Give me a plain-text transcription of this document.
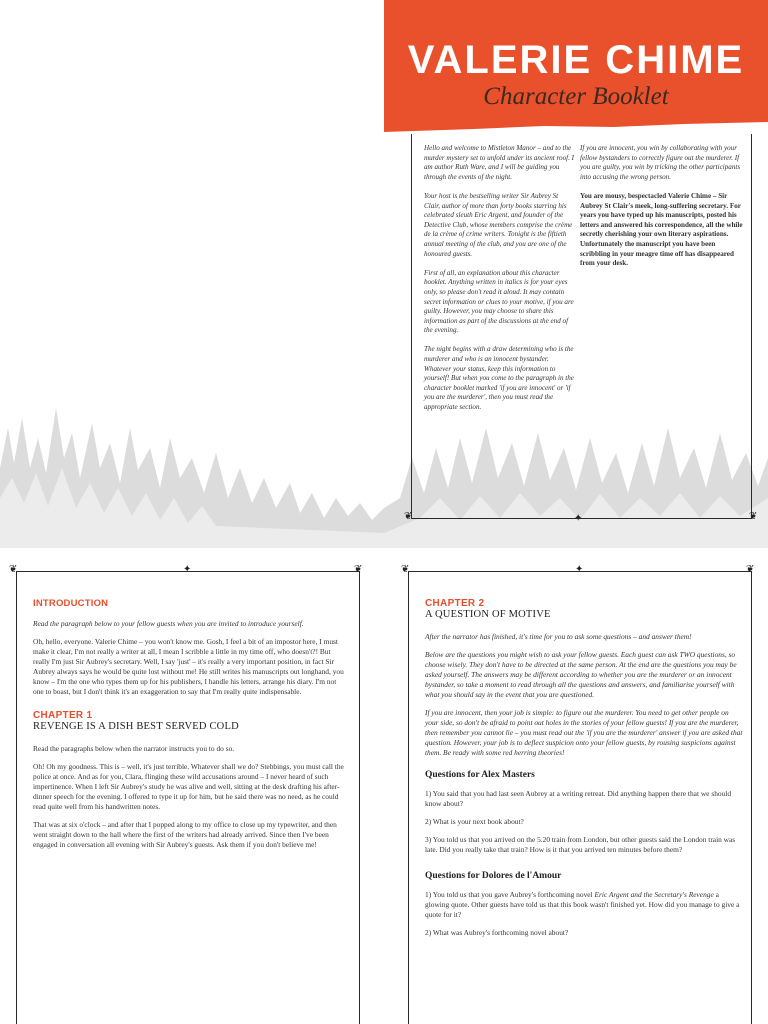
VALERIE CHIME
Character Booklet
❦	❦
✦

Hello and welcome to Mistleton Manor – and to the murder mystery set to unfold under its ancient roof. I am author Ruth Ware, and I will be guiding you through the events of the night.

Your host is the bestselling writer Sir Aubrey St Clair, author of more than forty books starring his celebrated sleuth Eric Argent, and founder of the Detective Club, whose members comprise the crème de la crème of crime writers. Tonight is the fiftieth annual meeting of the club, and you are one of the honoured guests.

First of all, an explanation about this character booklet. Anything written in italics is for your eyes only, so please don't read it aloud. It may contain secret information or clues to your motive, if you are guilty. However, you may choose to share this information as part of the discussions at the end of the evening.

The night begins with a draw determining who is the murderer and who is an innocent bystander. Whatever your status, keep this information to yourself! But when you come to the paragraph in the character booklet marked 'if you are innocent' or 'if you are the murderer', then you must read the appropriate section.

If you are innocent, you win by collaborating with your fellow bystanders to correctly figure out the murderer. If you are guilty, you win by tricking the other participants into accusing the wrong person.

You are mousy, bespectacled Valerie Chime – Sir Aubrey St Clair's meek, long-suffering secretary. For years you have typed up his manuscripts, posted his letters and answered his correspondence, all the while secretly cherishing your own literary aspirations.

Unfortunately the manuscript you have been scribbling in your meagre time off has disappeared from your desk.

❦	❦
✦
INTRODUCTION

Read the paragraph below to your fellow guests when you are invited to introduce yourself.

Oh, hello, everyone. Valerie Chime – you won't know me. Gosh, I feel a bit of an impostor here, I must make it clear, I'm not really a writer at all, I mean I scribble a little in my time off, who doesn't?! But really I'm just Sir Aubrey's secretary. Well, I say 'just' – it's really a very important position, in fact Sir Aubrey always says he would be quite lost without me! He still writes his manuscripts out longhand, you know – I'm the one who types them up for his publishers, I handle his letters, arrange his diary. I'm not one to boast, but I don't think it's an exaggeration to say that I'm really quite indispensable.

CHAPTER 1
REVENGE IS A DISH BEST SERVED COLD

Read the paragraphs below when the narrator instructs you to do so.

Oh! Oh my goodness. This is – well, it's just terrible. Whatever shall we do? Stebbings, you must call the police at once. And as for you, Clara, flinging these wild accusations around – I never heard of such impertinence. When I left Sir Aubrey's study he was alive and well, sitting at the desk drafting his after-dinner speech for the evening. I offered to type it up for him, but he said there was no need, as he could read quite well from his handwritten notes.

That was at six o'clock – and after that I popped along to my office to close up my typewriter, and then went straight down to the hall where the first of the writers had already arrived. Since then I've been engaged in conversation all evening with Sir Aubrey's guests. Ask them if you don't believe me!

❦	❦
✦
CHAPTER 2
A QUESTION OF MOTIVE

After the narrator has finished, it's time for you to ask some questions – and answer them!

Below are the questions you might wish to ask your fellow guests. Each guest can ask TWO questions, so choose wisely. They don't have to be directed at the same person. At the end are the questions you may be asked yourself. The answers may be different according to whether you are the murderer or an innocent bystander, so take a moment to read through all the questions and answers, and familiarise yourself with what you should say in the event that you are questioned.

If you are innocent, then your job is simple: to figure out the murderer. You need to get other people on your side, so don't be afraid to point out holes in the stories of your fellow guests! If you are the murderer, then remember you cannot lie – you must read out the 'if you are the murderer' answer if you are asked that question. However, your job is to deflect suspicion onto your fellow guests, by rousing suspicions against them. Be ready with some red herring theories!

Questions for Alex Masters

1) You said that you had last seen Aubrey at a writing retreat. Did anything happen there that we should know about?

2) What is your next book about?

3) You told us that you arrived on the 5.20 train from London, but other guests said the London train was late. Did you really take that train? How is it that you arrived ten minutes before them?

Questions for Dolores de l'Amour

1) You told us that you gave Aubrey's forthcoming novel Eric Argent and the Secretary's Revenge a glowing quote. Other guests have told us that this book wasn't finished yet. How did you manage to give a quote for it?

2) What was Aubrey's forthcoming novel about?
